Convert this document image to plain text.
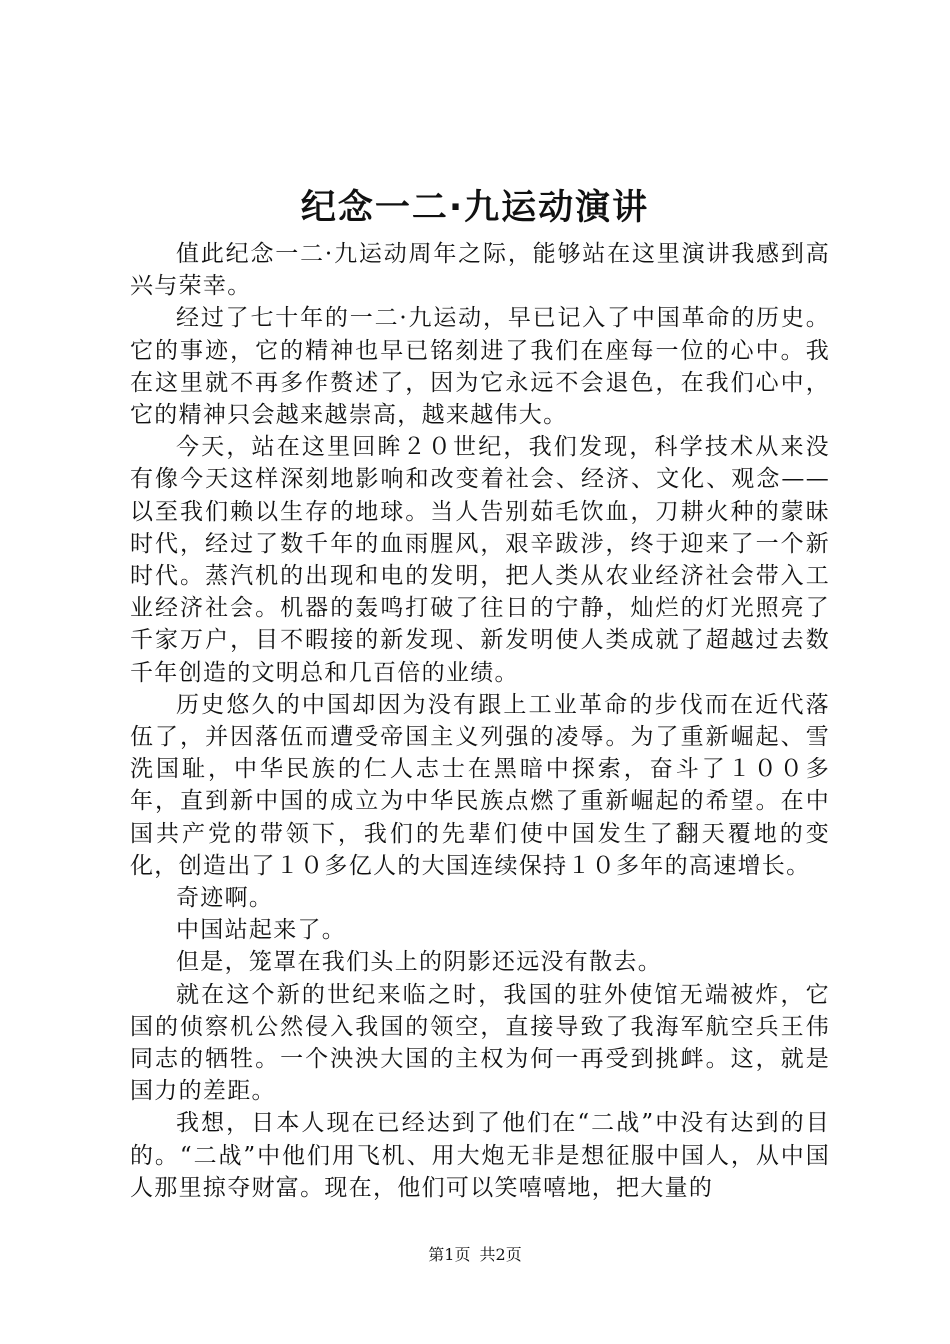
纪念一二·九运动演讲

值此纪念一二·九运动周年之际，能够站在这里演讲我感到高兴与荣幸。

经过了七十年的一二·九运动，早已记入了中国革命的历史。它的事迹，它的精神也早已铭刻进了我们在座每一位的心中。我在这里就不再多作赘述了，因为它永远不会退色，在我们心中，它的精神只会越来越崇高，越来越伟大。

今天，站在这里回眸２０世纪，我们发现，科学技术从来没有像今天这样深刻地影响和改变着社会、经济、文化、观念——以至我们赖以生存的地球。当人告别茹毛饮血，刀耕火种的蒙昧时代，经过了数千年的血雨腥风，艰辛跋涉，终于迎来了一个新时代。蒸汽机的出现和电的发明，把人类从农业经济社会带入工业经济社会。机器的轰鸣打破了往日的宁静，灿烂的灯光照亮了千家万户，目不暇接的新发现、新发明使人类成就了超越过去数千年创造的文明总和几百倍的业绩。

历史悠久的中国却因为没有跟上工业革命的步伐而在近代落伍了，并因落伍而遭受帝国主义列强的凌辱。为了重新崛起、雪洗国耻，中华民族的仁人志士在黑暗中探索，奋斗了１００多年，直到新中国的成立为中华民族点燃了重新崛起的希望。在中国共产党的带领下，我们的先辈们使中国发生了翻天覆地的变化，创造出了１０多亿人的大国连续保持１０多年的高速增长。

奇迹啊。

中国站起来了。

但是，笼罩在我们头上的阴影还远没有散去。

就在这个新的世纪来临之时，我国的驻外使馆无端被炸，它国的侦察机公然侵入我国的领空，直接导致了我海军航空兵王伟同志的牺牲。一个泱泱大国的主权为何一再受到挑衅。这，就是国力的差距。

我想，日本人现在已经达到了他们在“二战”中没有达到的目的。“二战”中他们用飞机、用大炮无非是想征服中国人，从中国人那里掠夺财富。现在，他们可以笑嘻嘻地，把大量的

第1页 共2页
